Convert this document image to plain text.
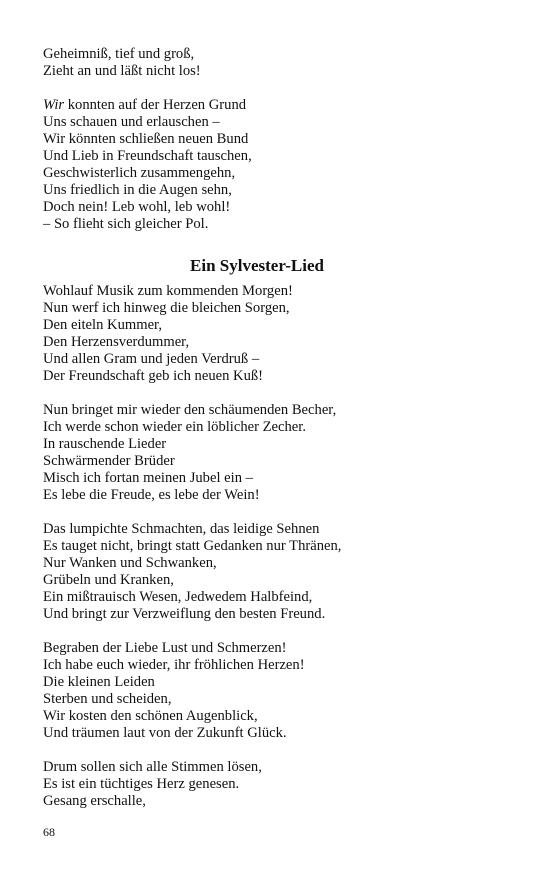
Geheimniß, tief und groß,
Zieht an und läßt nicht los!
Wir konnten auf der Herzen Grund
Uns schauen und erlauschen –
Wir könnten schließen neuen Bund
Und Lieb in Freundschaft tauschen,
Geschwisterlich zusammengehn,
Uns friedlich in die Augen sehn,
Doch nein! Leb wohl, leb wohl!
– So flieht sich gleicher Pol.
Ein Sylvester-Lied
Wohlauf Musik zum kommenden Morgen!
Nun werf ich hinweg die bleichen Sorgen,
Den eiteln Kummer,
Den Herzensverdummer,
Und allen Gram und jeden Verdruß –
Der Freundschaft geb ich neuen Kuß!
Nun bringet mir wieder den schäumenden Becher,
Ich werde schon wieder ein löblicher Zecher.
In rauschende Lieder
Schwärmender Brüder
Misch ich fortan meinen Jubel ein –
Es lebe die Freude, es lebe der Wein!
Das lumpichte Schmachten, das leidige Sehnen
Es tauget nicht, bringt statt Gedanken nur Thränen,
Nur Wanken und Schwanken,
Grübeln und Kranken,
Ein mißtrauisch Wesen, Jedwedem Halbfeind,
Und bringt zur Verzweiflung den besten Freund.
Begraben der Liebe Lust und Schmerzen!
Ich habe euch wieder, ihr fröhlichen Herzen!
Die kleinen Leiden
Sterben und scheiden,
Wir kosten den schönen Augenblick,
Und träumen laut von der Zukunft Glück.
Drum sollen sich alle Stimmen lösen,
Es ist ein tüchtiges Herz genesen.
Gesang erschalle,
68
